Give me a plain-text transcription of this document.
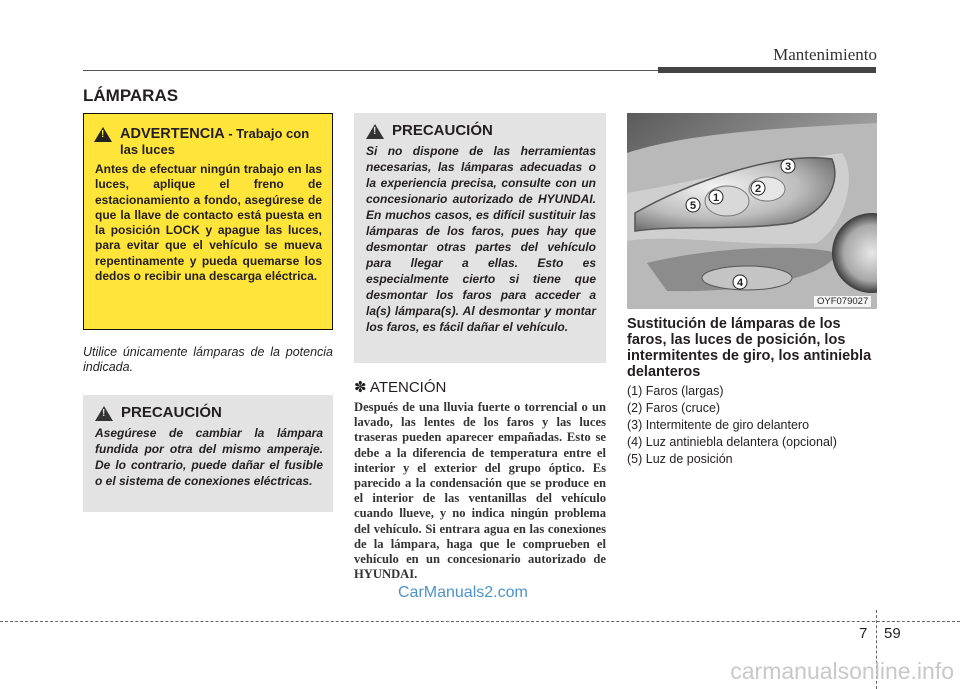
Mantenimiento
LÁMPARAS
! ADVERTENCIA - Trabajo con las luces
Antes de efectuar ningún trabajo en las luces, aplique el freno de estacionamiento a fondo, asegúrese de que la llave de contacto está puesta en la posición LOCK y apague las luces, para evitar que el vehículo se mueva repentinamente y pueda quemarse los dedos o recibir una descarga eléctrica.
Utilice únicamente lámparas de la potencia indicada.
! PRECAUCIÓN
Asegúrese de cambiar la lámpara fundida por otra del mismo amperaje. De lo contrario, puede dañar el fusible o el sistema de conexiones eléctricas.
! PRECAUCIÓN
Si no dispone de las herramientas necesarias, las lámparas adecuadas o la experiencia precisa, consulte con un concesionario autorizado de HYUNDAI. En muchos casos, es difícil sustituir las lámparas de los faros, pues hay que desmontar otras partes del vehículo para llegar a ellas. Esto es especialmente cierto si tiene que desmontar los faros para acceder a la(s) lámpara(s). Al desmontar y montar los faros, es fácil dañar el vehículo.
✽ ATENCIÓN
Después de una lluvia fuerte o torrencial o un lavado, las lentes de los faros y las luces traseras pueden aparecer empañadas. Esto se debe a la diferencia de temperatura entre el interior y el exterior del grupo óptico. Es parecido a la condensación que se produce en el interior de las ventanillas del vehículo cuando llueve, y no indica ningún problema del vehículo. Si entrara agua en las conexiones de la lámpara, haga que le comprueben el vehículo en un concesionario autorizado de HYUNDAI.
1
2
3
4
5
OYF079027
Sustitución de lámparas de los faros, las luces de posición, los intermitentes de giro, los antiniebla delanteros
(1) Faros (largas)
(2) Faros (cruce)
(3) Intermitente de giro delantero
(4) Luz antiniebla delantera (opcional)
(5) Luz de posición
CarManuals2.com
7 59
carmanualsonline.info
